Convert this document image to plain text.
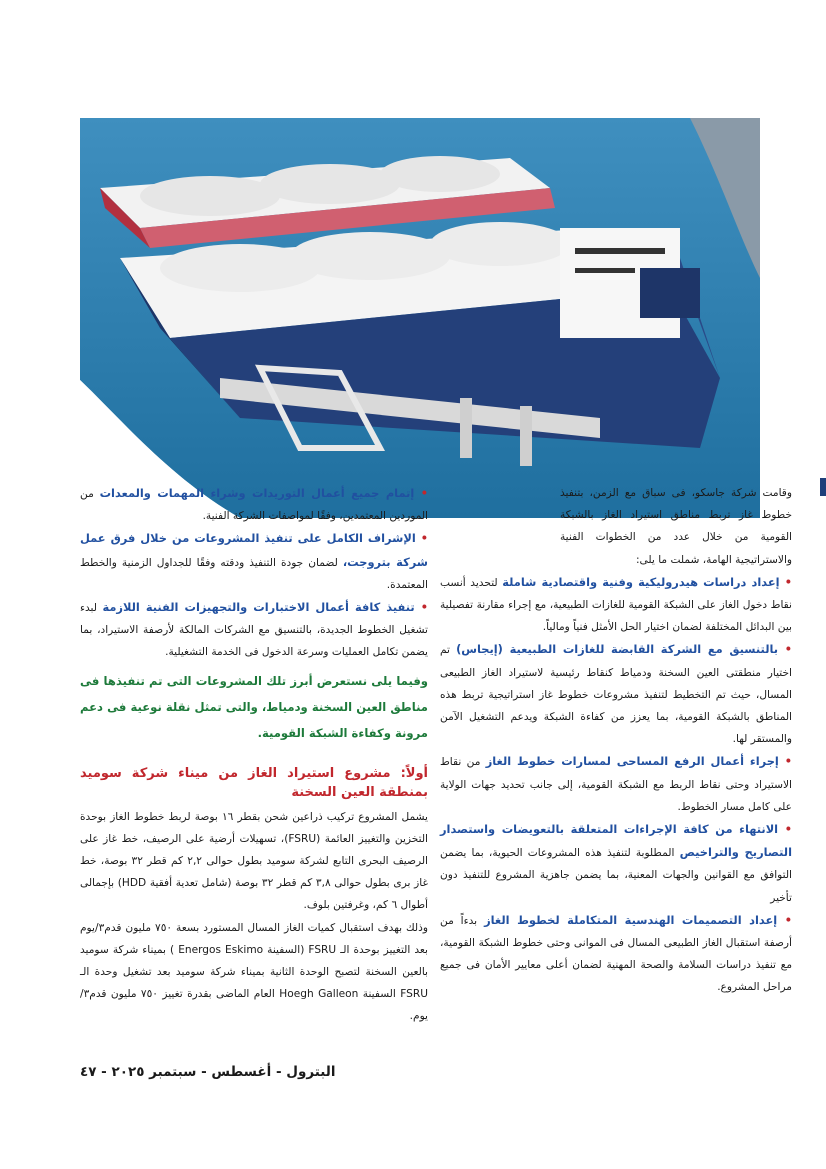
وقامت شركة جاسكو، فى سباق مع الزمن، بتنفيذ خطوط غاز تربط مناطق استيراد الغاز بالشبكة القومية من خلال عدد من الخطوات الفنية والاستراتيجية الهامة، شملت ما يلى:

• إعداد دراسات هيدروليكية وفنية واقتصادية شاملة لتحديد أنسب نقاط دخول الغاز على الشبكة القومية للغازات الطبيعية، مع إجراء مقارنة تفصيلية بين البدائل المختلفة لضمان اختيار الحل الأمثل فنياً ومالياً.

• بالتنسيق مع الشركة القابضة للغازات الطبيعية (إيجاس) تم اختيار منطقتى العين السخنة ودمياط كنقاط رئيسية لاستيراد الغاز الطبيعى المسال، حيث تم التخطيط لتنفيذ مشروعات خطوط غاز استراتيجية تربط هذه المناطق بالشبكة القومية، بما يعزز من كفاءة الشبكة ويدعم التشغيل الآمن والمستقر لها.

• إجراء أعمال الرفع المساحى لمسارات خطوط الغاز من نقاط الاستيراد وحتى نقاط الربط مع الشبكة القومية، إلى جانب تحديد جهات الولاية على كامل مسار الخطوط.

• الانتهاء من كافة الإجراءات المتعلقة بالتعويضات واستصدار التصاريح والتراخيص المطلوبة لتنفيذ هذه المشروعات الحيوية، بما يضمن التوافق مع القوانين والجهات المعنية، بما يضمن جاهزية المشروع للتنفيذ دون تأخير

• إعداد التصميمات الهندسية المتكاملة لخطوط الغاز بدءاً من أرصفة استقبال الغاز الطبيعى المسال فى الموانى وحتى خطوط الشبكة القومية، مع تنفيذ دراسات السلامة والصحة المهنية لضمان أعلى معايير الأمان فى جميع مراحل المشروع.

• إتمام جميع أعمال التوريدات وشراء المهمات والمعدات من الموردين المعتمدين، وفقًا لمواصفات الشركة الفنية.

• الإشراف الكامل على تنفيذ المشروعات من خلال فرق عمل شركة بتروجت، لضمان جودة التنفيذ ودقته وفقًا للجداول الزمنية والخطط المعتمدة.

• تنفيذ كافة أعمال الاختبارات والتجهيزات الفنية اللازمة لبدء تشغيل الخطوط الجديدة، بالتنسيق مع الشركات المالكة لأرصفة الاستيراد، بما يضمن تكامل العمليات وسرعة الدخول فى الخدمة التشغيلية.

وفيما يلى نستعرض أبرز تلك المشروعات التى تم تنفيذها فى مناطق العين السخنة ودمياط، والتى تمثل نقلة نوعية فى دعم مرونة وكفاءة الشبكة القومية.

أولاً: مشروع استيراد الغاز من ميناء شركة سوميد بمنطقة العين السخنة

يشمل المشروع تركيب ذراعين شحن بقطر ١٦ بوصة لربط خطوط الغاز بوحدة التخزين والتغييز العائمة (FSRU)، تسهيلات أرضية على الرصيف، خط غاز على الرصيف البحرى التابع لشركة سوميد بطول حوالى ٢,٢ كم قطر ٣٢ بوصة، خط غاز برى بطول حوالى ٣,٨ كم قطر ٣٢ بوصة (شامل تعدية أفقية HDD) بإجمالى أطوال ٦ كم، وغرفتين بلوف.

وذلك بهدف استقبال كميات الغاز المسال المستورد بسعة ٧٥٠ مليون قدم٣/يوم بعد التغييز بوحدة الـ FSRU (السفينة Energos Eskimo ) بميناء شركة سوميد بالعين السخنة لتصبح الوحدة الثانية بميناء شركة سوميد بعد تشغيل وحدة الـ FSRU السفينة Hoegh Galleon العام الماضى بقدرة تغييز ٧٥٠ مليون قدم٣/يوم.

البترول - أغسطس - سبتمبر ٢٠٢٥ - ٤٧
